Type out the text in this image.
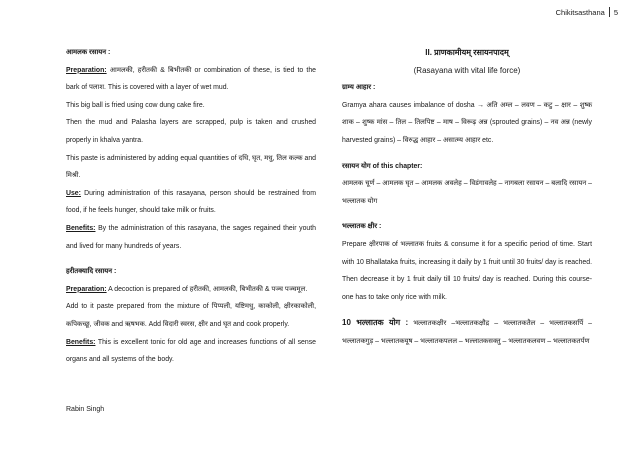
Chikitsasthana 5
आमलक रसायन :

Preparation: आमलकी, हरीतकी & बिभीतकी or combination of these, is tied to the bark of पलाश. This is covered with a layer of wet mud.

This big ball is fried using cow dung cake fire.

Then the mud and Palasha layers are scrapped, pulp is taken and crushed properly in khalva yantra.

This paste is administered by adding equal quantities of दधि, घृत, मधु, तिल कल्क and मिश्री.

Use: During administration of this rasayana, person should be restrained from food, if he feels hunger, should take milk or fruits.

Benefits: By the administration of this rasayana, the sages regained their youth and lived for many hundreds of years.

हरीतक्यादि रसायन :

Preparation: A decoction is prepared of हरीतकी, आमलकी, बिभीतकी & पञ्च पञ्चमूल.

Add to it paste prepared from the mixture of पिप्पली, यष्टिमधु, काकोली, क्षीरकाकोली, कपिकच्छू, जीवक and ऋषभक. Add विदारी स्वरस, क्षीर and घृत and cook properly.

Benefits: This is excellent tonic for old age and increases functions of all sense organs and all systems of the body.

II. प्राणकामीयम् रसायनपादम्
(Rasayana with vital life force)
ग्राम्य आहार :

Gramya ahara causes imbalance of dosha → अति अम्ल – लवण – कटु – क्षार – शुष्क शाक – शुष्क मांस – तिल – तिलपिष्ट – माष – विरूढ़ अन्न (sprouted grains) – नव अन्न (newly harvested grains) – विरुद्ध आहार – असात्म्य आहार etc.

रसायन योग of this chapter:

आमलक चूर्ण – आमलक घृत – आमलक अवलेह – विडंगावलेह – नागबला रसायन – बलादि रसायन – भल्लातक योग

भल्लातक क्षीर :

Prepare क्षीरपाक of भल्लातक fruits & consume it for a specific period of time. Start with 10 Bhallataka fruits, increasing it daily by 1 fruit until 30 fruits/ day is reached. Then decrease it by 1 fruit daily till 10 fruits/ day is reached. During this course- one has to take only rice with milk.

10 भल्लातक योग : भल्लातकक्षीर –भल्लातकक्षौद्र – भल्लातकतैल – भल्लातकसर्पि – भल्लातकगुड़ – भल्लातकयूष – भल्लातकपलल – भल्लातकसक्तु – भल्लातकलवण – भल्लातकतर्पण

Rabin Singh
